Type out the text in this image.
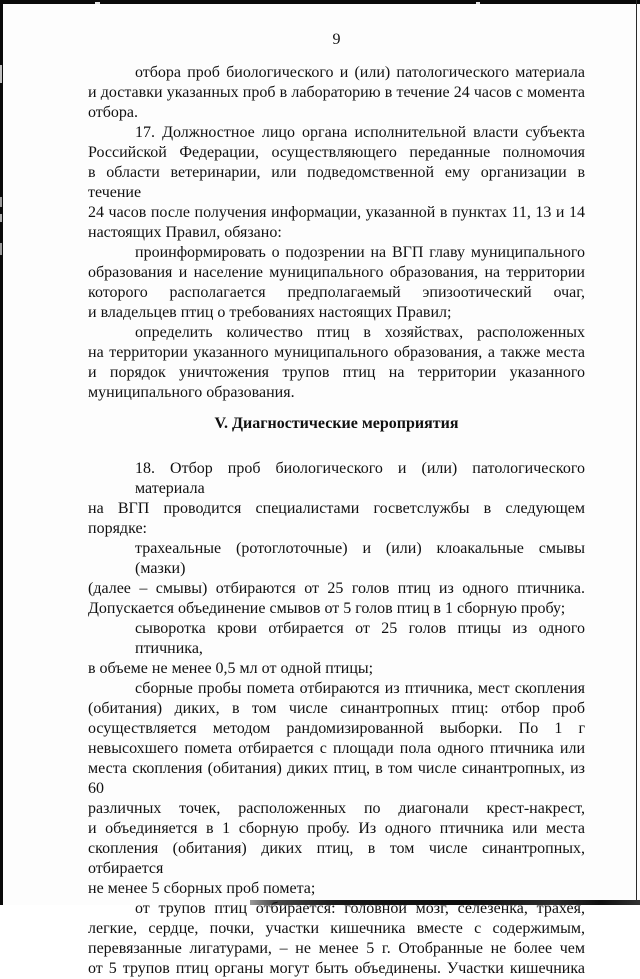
9
отбора проб биологического и (или) патологического материала
и доставки указанных проб в лабораторию в течение 24 часов с момента
отбора.
17. Должностное лицо органа исполнительной власти субъекта
Российской Федерации, осуществляющего переданные полномочия
в области ветеринарии, или подведомственной ему организации в течение
24 часов после получения информации, указанной в пунктах 11, 13 и 14
настоящих Правил, обязано:
проинформировать о подозрении на ВГП главу муниципального
образования и население муниципального образования, на территории
которого располагается предполагаемый эпизоотический очаг,
и владельцев птиц о требованиях настоящих Правил;
определить количество птиц в хозяйствах, расположенных
на территории указанного муниципального образования, а также места
и порядок уничтожения трупов птиц на территории указанного
муниципального образования.
V. Диагностические мероприятия
18. Отбор проб биологического и (или) патологического материала
на ВГП проводится специалистами госветслужбы в следующем порядке:
трахеальные (ротоглоточные) и (или) клоакальные смывы (мазки)
(далее – смывы) отбираются от 25 голов птиц из одного птичника.
Допускается объединение смывов от 5 голов птиц в 1 сборную пробу;
сыворотка крови отбирается от 25 голов птицы из одного птичника,
в объеме не менее 0,5 мл от одной птицы;
сборные пробы помета отбираются из птичника, мест скопления
(обитания) диких, в том числе синантропных птиц: отбор проб
осуществляется методом рандомизированной выборки. По 1 г
невысохшего помета отбирается с площади пола одного птичника или
места скопления (обитания) диких птиц, в том числе синантропных, из 60
различных точек, расположенных по диагонали крест-накрест,
и объединяется в 1 сборную пробу. Из одного птичника или места
скопления (обитания) диких птиц, в том числе синантропных, отбирается
не менее 5 сборных проб помета;
от трупов птиц отбирается: головной мозг, селезенка, трахея,
легкие, сердце, почки, участки кишечника вместе с содержимым,
перевязанные лигатурами, – не менее 5 г. Отобранные не более чем
от 5 трупов птиц органы могут быть объединены. Участки кишечника
